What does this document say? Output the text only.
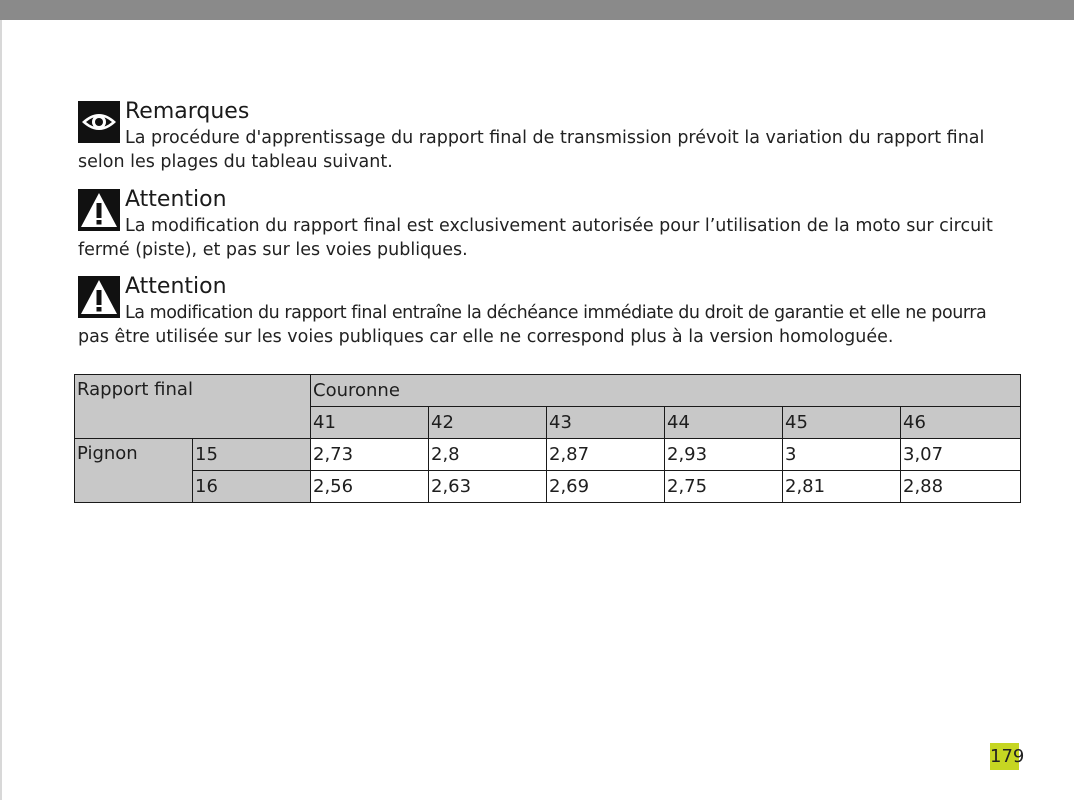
Remarques
La procédure d'apprentissage du rapport final de transmission prévoit la variation du rapport final
selon les plages du tableau suivant.
Attention
La modification du rapport final est exclusivement autorisée pour l’utilisation de la moto sur circuit
fermé (piste), et pas sur les voies publiques.
Attention
La modification du rapport final entraîne la déchéance immédiate du droit de garantie et elle ne pourra
pas être utilisée sur les voies publiques car elle ne correspond plus à la version homologuée.
Rapport final		Couronne					
		41	42	43	44	45	46
Pignon	15	2,73	2,8	2,87	2,93	3	3,07
	16	2,56	2,63	2,69	2,75	2,81	2,88
179
